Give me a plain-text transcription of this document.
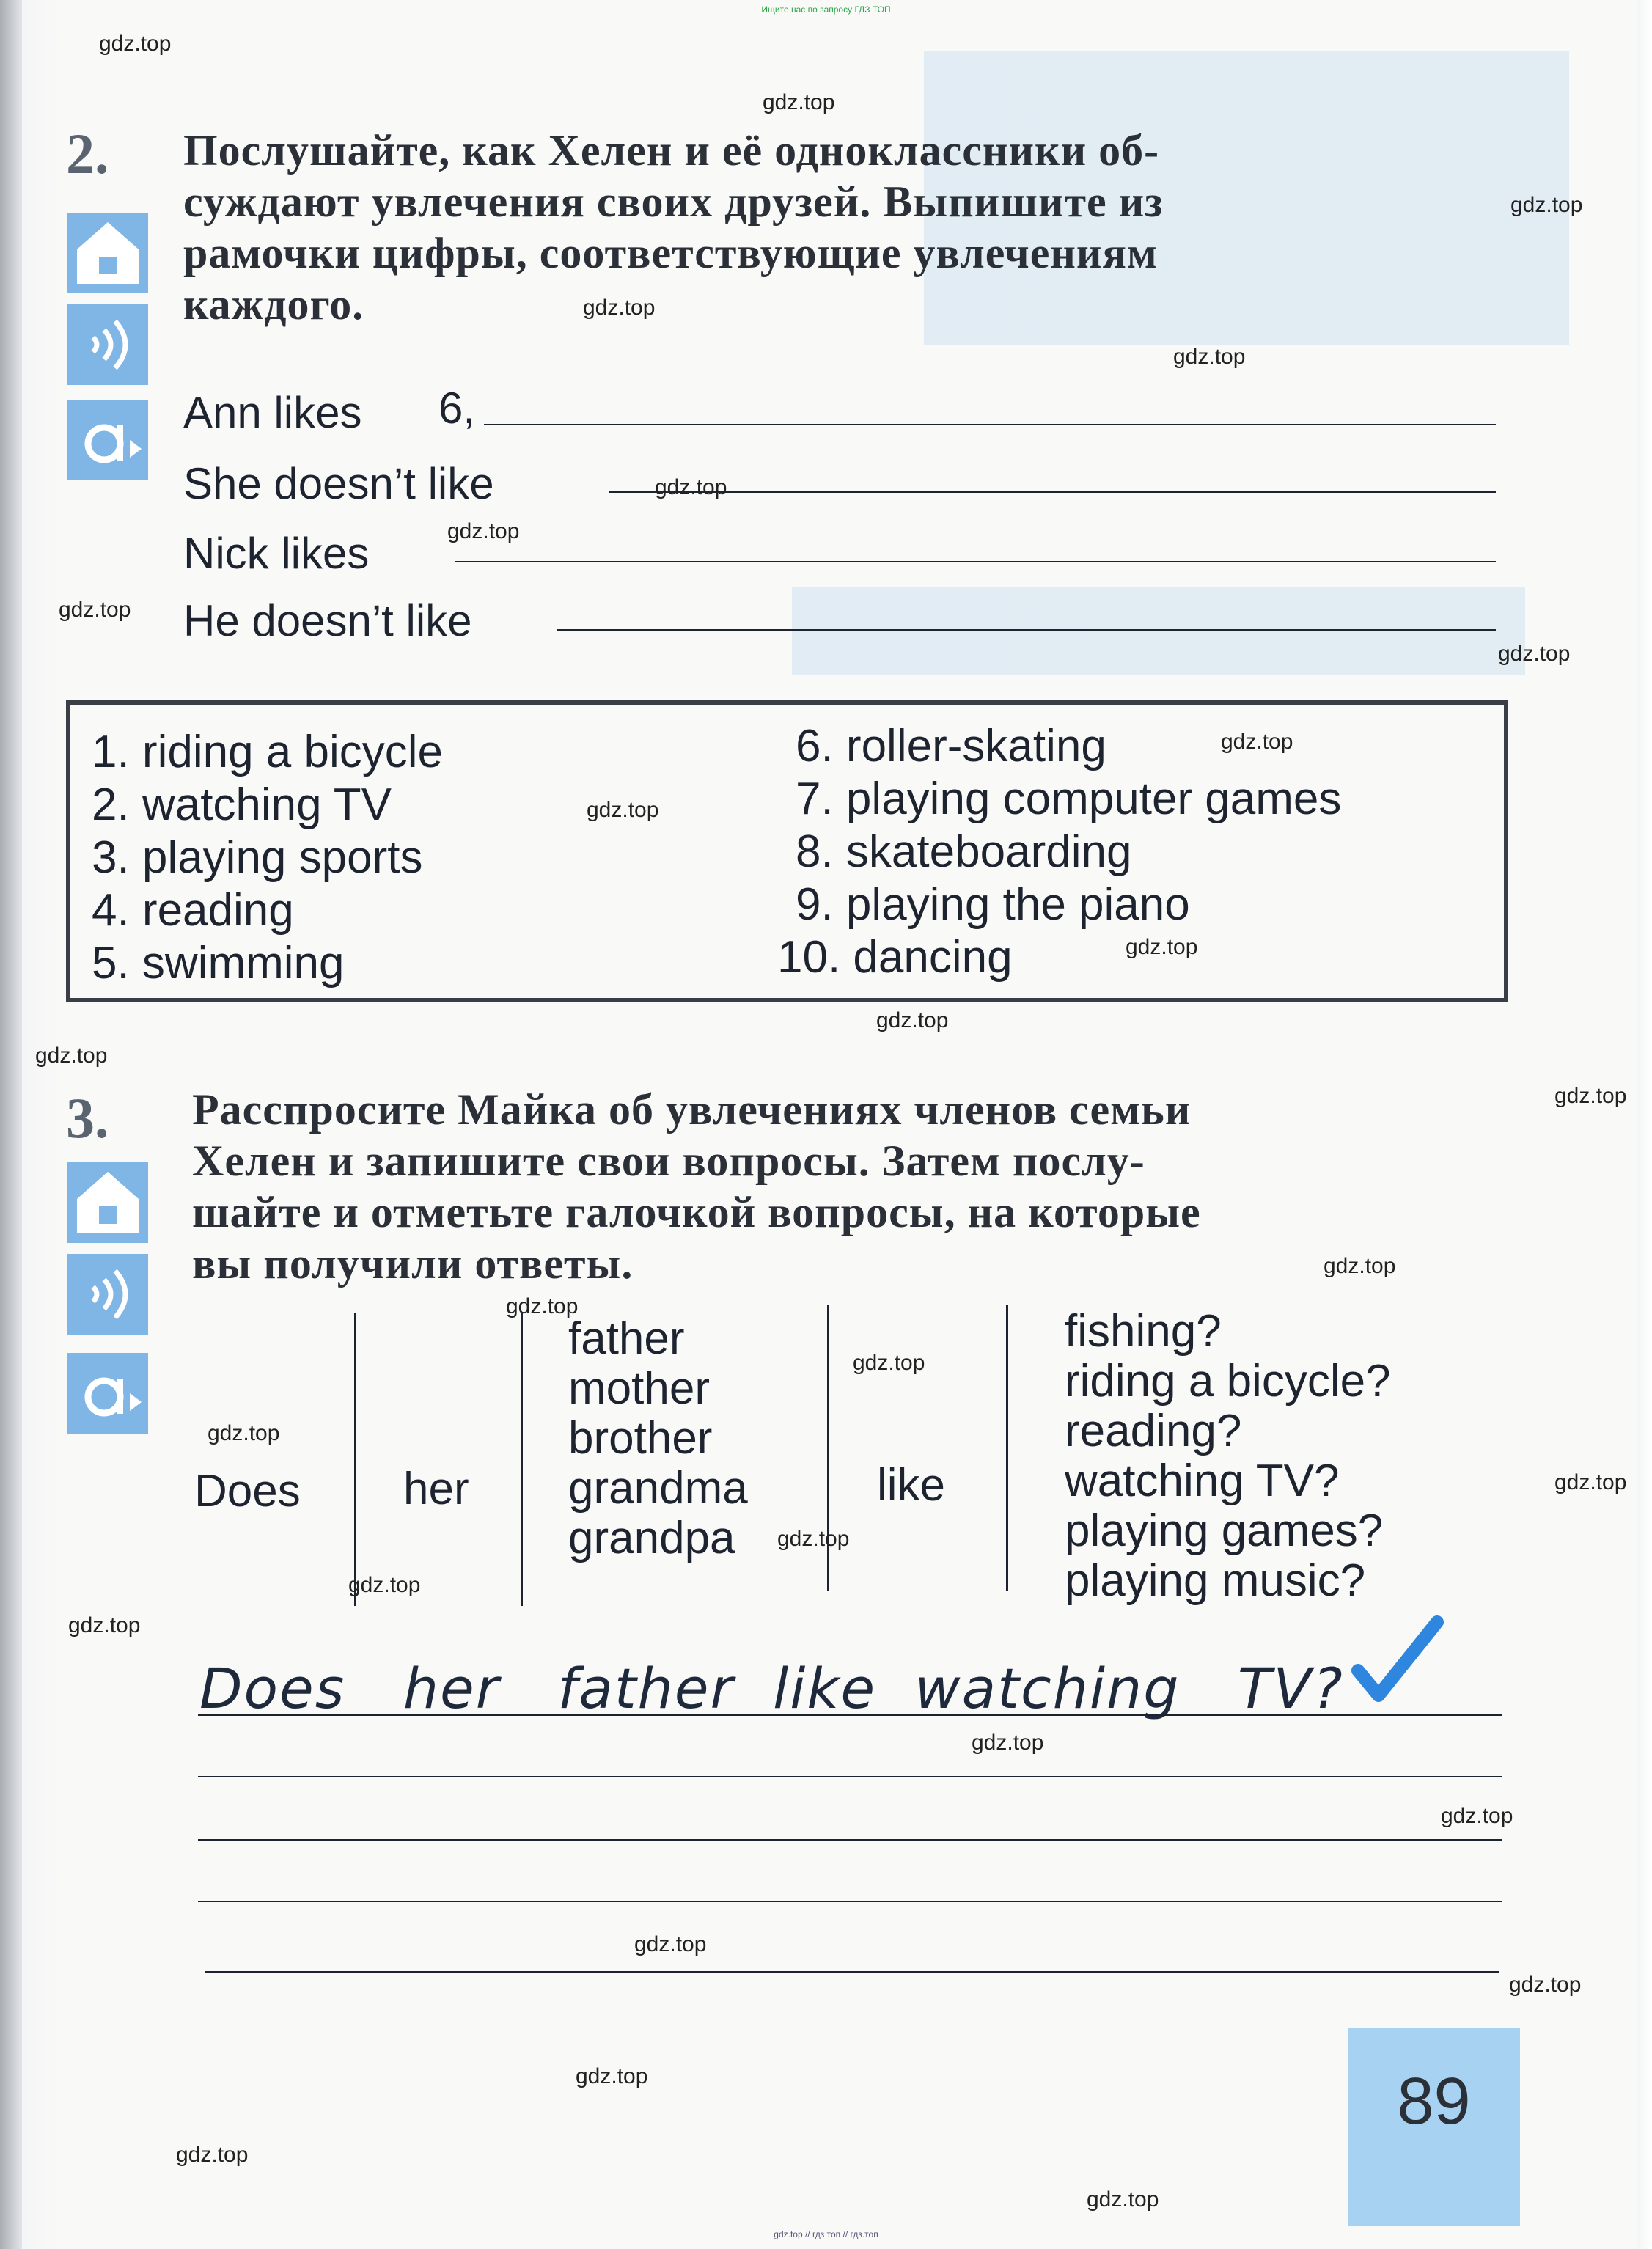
Ищите нас по запросу ГДЗ ТОП
2. Послушайте, как Хелен и её одноклассники об-
суждают увлечения своих друзей. Выпишите из
рамочки цифры, соответствующие увлечениям
каждого.
Ann likes 6,
She doesn’t like
Nick likes
He doesn’t like
1. riding a bicycle
2. watching TV
3. playing sports
4. reading
5. swimming
6. roller-skating
7. playing computer games
8. skateboarding
9. playing the piano
10. dancing
3. Расспросите Майка об увлечениях членов семьи
Хелен и запишите свои вопросы. Затем послу-
шайте и отметьте галочкой вопросы, на которые
вы получили ответы.
Does her
father
mother
brother
grandma
grandpa
like
fishing?
riding a bicycle?
reading?
watching TV?
playing games?
playing music?
Does   her   father  like  watching   TV?
89
gdz.top
gdz.top
gdz.top
gdz.top
gdz.top
gdz.top
gdz.top
gdz.top
gdz.top
gdz.top
gdz.top
gdz.top
gdz.top
gdz.top
gdz.top
gdz.top
gdz.top
gdz.top
gdz.top
gdz.top
gdz.top
gdz.top
gdz.top
gdz.top
gdz.top
gdz.top
gdz.top
gdz.top
gdz.top
gdz.top
gdz.top // гдз топ // гдз.топ
